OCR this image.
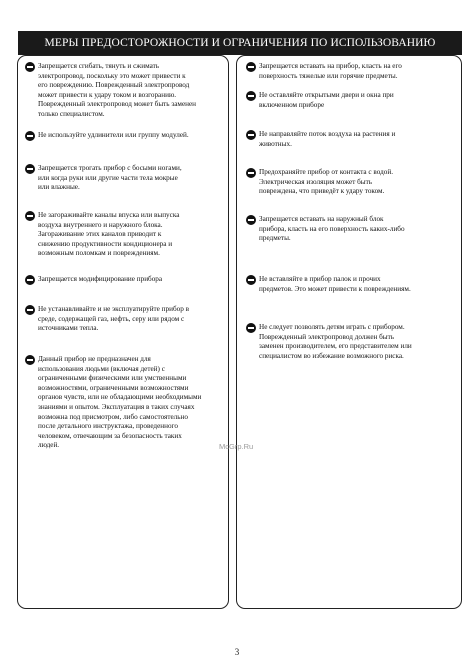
МЕРЫ ПРЕДОСТОРОЖНОСТИ И ОГРАНИЧЕНИЯ ПО ИСПОЛЬЗОВАНИЮ

Запрещается сгибать, тянуть и сжимать

электропровод, поскольку это может привести к

его повреждению. Поврежденный электропровод

может привести к удару током и возгоранию.

Поврежденный электропровод может быть заменен

только специалистом.

Не используйте удлинители или группу модулей.

Запрещается трогать прибор с босыми ногами,

или когда руки или другие части тела мокрые

или влажные.

Не загораживайте каналы впуска или выпуска

воздуха внутреннего и наружного блока.

Загораживание этих каналов приводит к

снижению продуктивности кондиционера и

возможным поломкам и повреждениям.

Запрещается модифицирование прибора

Не устанавливайте и не эксплуатируйте прибор в

среде, содержащей газ, нефть, серу или рядом с

источниками тепла.

Данный прибор не предназначен для

использования людьми (включая детей) с

ограниченными физическими или умственными

возможностями, ограниченными возможностями

органов чувств, или не обладающими необходимыми

знаниями и опытом. Эксплуатация в таких случаях

возможна под присмотром, либо самостоятельно

после детального инструктажа, проведенного

человеком, отвечающим за безопасность таких

людей.

Запрещается вставать на прибор, класть на его

поверхность тяжелые или горячие предметы.

Не оставляйте открытыми двери и окна при

включенном приборе

Не направляйте поток воздуха на растения и

животных.

Предохраняйте прибор от контакта с водой.

Электрическая изоляция может быть

повреждена, что приведёт к удару током.

Запрещается вставать на наружный блок

прибора, класть на его поверхность каких-либо

предметы.

Не вставляйте в прибор палок и прочих

предметов. Это может привести к повреждениям.

Не следует позволять детям играть с прибором.

Поврежденный электропровод должен быть

заменен производителем, его представителем или

специалистом во избежание возможного риска.

McGrp.Ru
3
